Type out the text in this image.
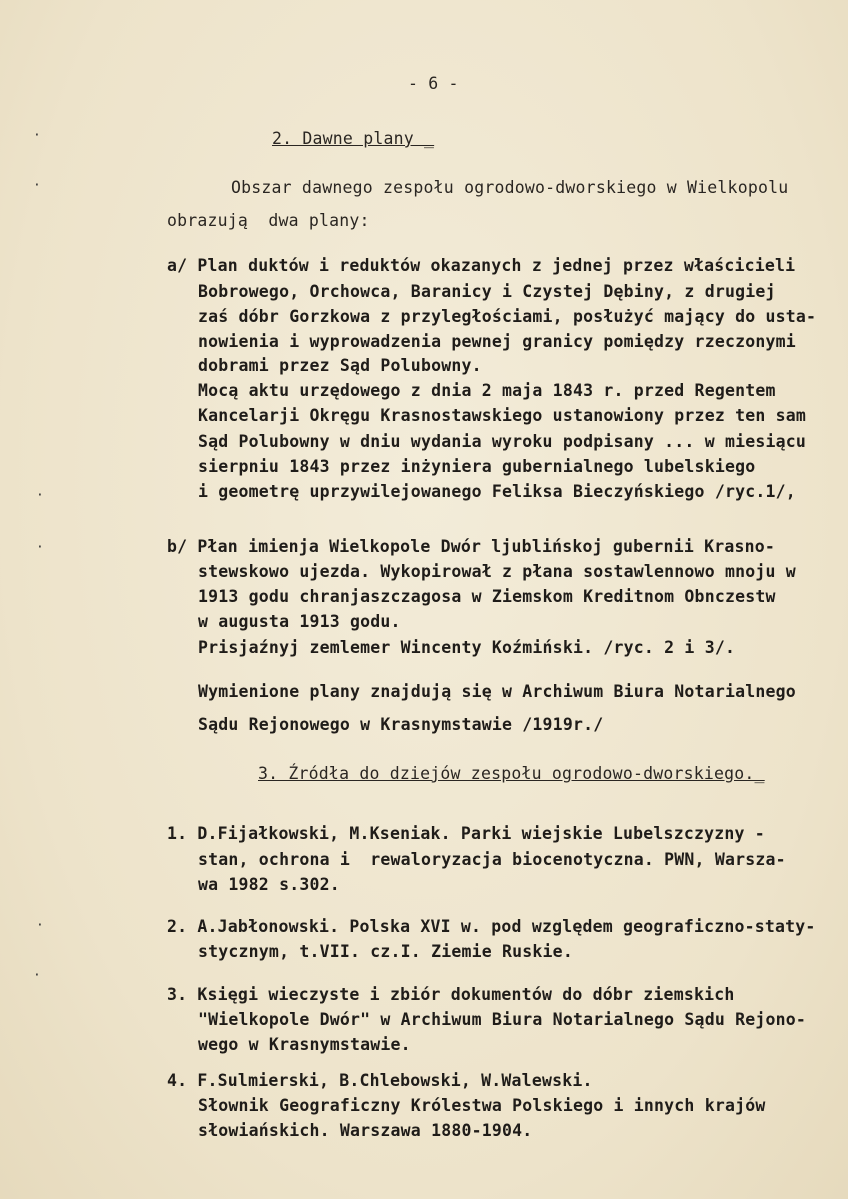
·
·
·
·
·
·
- 6 -
2. Dawne plany _
Obszar dawnego zespołu ogrodowo-dworskiego w Wielkopolu
obrazują  dwa plany:
a/ Plan duktów i reduktów okazanych z jednej przez właścicieli
Bobrowego, Orchowca, Baranicy i Czystej Dębiny, z drugiej
zaś dóbr Gorzkowa z przyległościami, posłużyć mający do usta-
nowienia i wyprowadzenia pewnej granicy pomiędzy rzeczonymi
dobrami przez Sąd Polubowny.
Mocą aktu urzędowego z dnia 2 maja 1843 r. przed Regentem
Kancelarji Okręgu Krasnostawskiego ustanowiony przez ten sam
Sąd Polubowny w dniu wydania wyroku podpisany ... w miesiącu
sierpniu 1843 przez inżyniera gubernialnego lubelskiego
i geometrę uprzywilejowanego Feliksa Bieczyńskiego /ryc.1/,
b/ Płan imienja Wielkopole Dwór ljublińskoj gubernii Krasno-
stewskowo ujezda. Wykopirował z płana sostawlennowo mnoju w
1913 godu chranjaszczagosa w Ziemskom Kreditnom Obnczestw
w augusta 1913 godu.
Prisjaźnyj zemlemer Wincenty Koźmiński. /ryc. 2 i 3/.
Wymienione plany znajdują się w Archiwum Biura Notarialnego
Sądu Rejonowego w Krasnymstawie /1919r./
3. Źródła do dziejów zespołu ogrodowo-dworskiego._
1. D.Fijałkowski, M.Kseniak. Parki wiejskie Lubelszczyzny -
stan, ochrona i  rewaloryzacja biocenotyczna. PWN, Warsza-
wa 1982 s.302.
2. A.Jabłonowski. Polska XVI w. pod względem geograficzno-staty-
stycznym, t.VII. cz.I. Ziemie Ruskie.
3. Księgi wieczyste i zbiór dokumentów do dóbr ziemskich
"Wielkopole Dwór" w Archiwum Biura Notarialnego Sądu Rejono-
wego w Krasnymstawie.
4. F.Sulmierski, B.Chlebowski, W.Walewski.
Słownik Geograficzny Królestwa Polskiego i innych krajów
słowiańskich. Warszawa 1880-1904.
